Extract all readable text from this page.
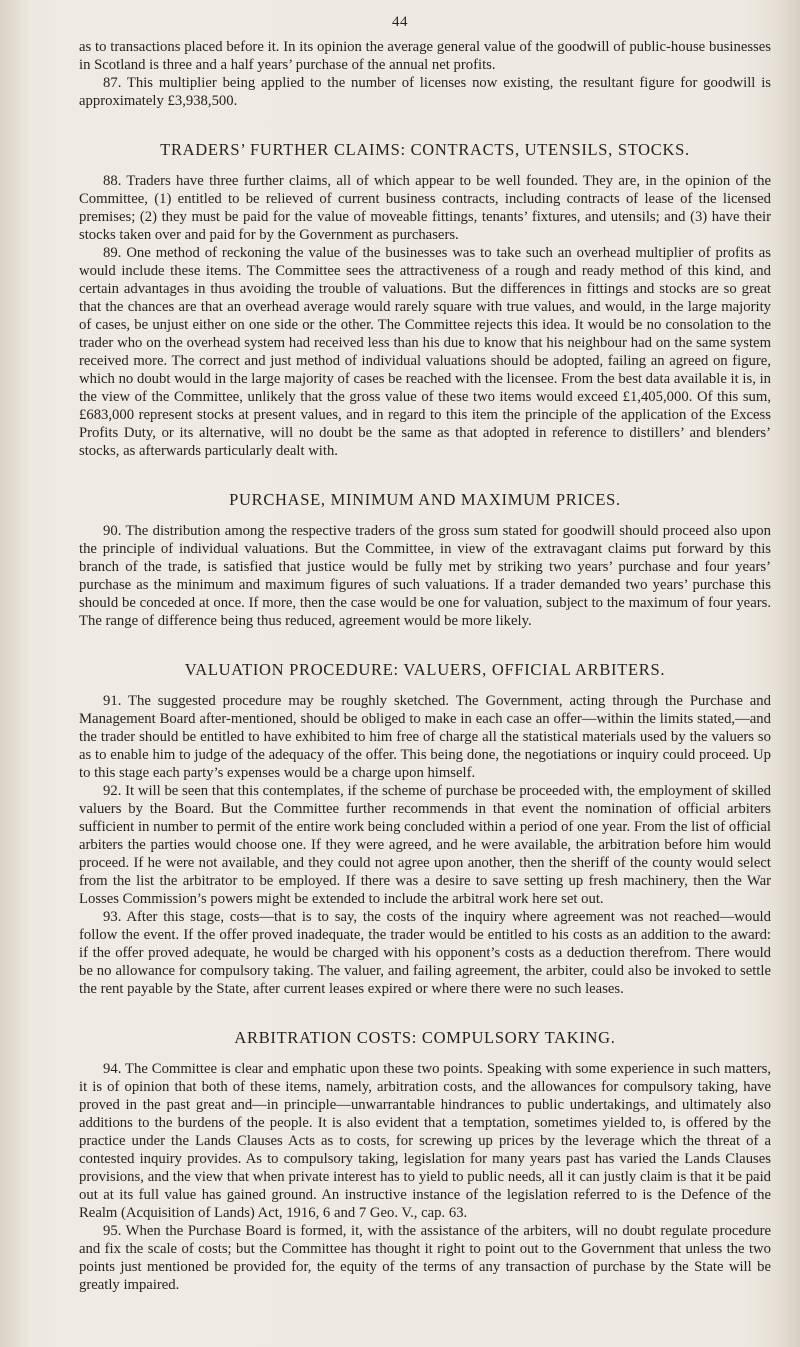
44

as to transactions placed before it. In its opinion the average general value of the goodwill of public-house businesses in Scotland is three and a half years’ purchase of the annual net profits.

87. This multiplier being applied to the number of licenses now existing, the resultant figure for goodwill is approximately £3,938,500.

TRADERS’ FURTHER CLAIMS: CONTRACTS, UTENSILS, STOCKS.

88. Traders have three further claims, all of which appear to be well founded. They are, in the opinion of the Committee, (1) entitled to be relieved of current business contracts, including contracts of lease of the licensed premises; (2) they must be paid for the value of moveable fittings, tenants’ fixtures, and utensils; and (3) have their stocks taken over and paid for by the Government as purchasers.

89. One method of reckoning the value of the businesses was to take such an overhead multiplier of profits as would include these items. The Committee sees the attractiveness of a rough and ready method of this kind, and certain advantages in thus avoiding the trouble of valuations. But the differences in fittings and stocks are so great that the chances are that an overhead average would rarely square with true values, and would, in the large majority of cases, be unjust either on one side or the other. The Committee rejects this idea. It would be no consolation to the trader who on the overhead system had received less than his due to know that his neighbour had on the same system received more. The correct and just method of individual valuations should be adopted, failing an agreed on figure, which no doubt would in the large majority of cases be reached with the licensee. From the best data available it is, in the view of the Committee, unlikely that the gross value of these two items would exceed £1,405,000. Of this sum, £683,000 represent stocks at present values, and in regard to this item the principle of the application of the Excess Profits Duty, or its alternative, will no doubt be the same as that adopted in reference to distillers’ and blenders’ stocks, as afterwards particularly dealt with.

PURCHASE, MINIMUM AND MAXIMUM PRICES.

90. The distribution among the respective traders of the gross sum stated for goodwill should proceed also upon the principle of individual valuations. But the Committee, in view of the extravagant claims put forward by this branch of the trade, is satisfied that justice would be fully met by striking two years’ purchase and four years’ purchase as the minimum and maximum figures of such valuations. If a trader demanded two years’ purchase this should be conceded at once. If more, then the case would be one for valuation, subject to the maximum of four years. The range of difference being thus reduced, agreement would be more likely.

VALUATION PROCEDURE: VALUERS, OFFICIAL ARBITERS.

91. The suggested procedure may be roughly sketched. The Government, acting through the Purchase and Management Board after-mentioned, should be obliged to make in each case an offer—within the limits stated,—and the trader should be entitled to have exhibited to him free of charge all the statistical materials used by the valuers so as to enable him to judge of the adequacy of the offer. This being done, the negotiations or inquiry could proceed. Up to this stage each party’s expenses would be a charge upon himself.

92. It will be seen that this contemplates, if the scheme of purchase be proceeded with, the employment of skilled valuers by the Board. But the Committee further recommends in that event the nomination of official arbiters sufficient in number to permit of the entire work being concluded within a period of one year. From the list of official arbiters the parties would choose one. If they were agreed, and he were available, the arbitration before him would proceed. If he were not available, and they could not agree upon another, then the sheriff of the county would select from the list the arbitrator to be employed. If there was a desire to save setting up fresh machinery, then the War Losses Commission’s powers might be extended to include the arbitral work here set out.

93. After this stage, costs—that is to say, the costs of the inquiry where agreement was not reached—would follow the event. If the offer proved inadequate, the trader would be entitled to his costs as an addition to the award: if the offer proved adequate, he would be charged with his opponent’s costs as a deduction therefrom. There would be no allowance for compulsory taking. The valuer, and failing agreement, the arbiter, could also be invoked to settle the rent payable by the State, after current leases expired or where there were no such leases.

ARBITRATION COSTS: COMPULSORY TAKING.

94. The Committee is clear and emphatic upon these two points. Speaking with some experience in such matters, it is of opinion that both of these items, namely, arbitration costs, and the allowances for compulsory taking, have proved in the past great and—in principle—unwarrantable hindrances to public undertakings, and ultimately also additions to the burdens of the people. It is also evident that a temptation, sometimes yielded to, is offered by the practice under the Lands Clauses Acts as to costs, for screwing up prices by the leverage which the threat of a contested inquiry provides. As to compulsory taking, legislation for many years past has varied the Lands Clauses provisions, and the view that when private interest has to yield to public needs, all it can justly claim is that it be paid out at its full value has gained ground. An instructive instance of the legislation referred to is the Defence of the Realm (Acquisition of Lands) Act, 1916, 6 and 7 Geo. V., cap. 63.

95. When the Purchase Board is formed, it, with the assistance of the arbiters, will no doubt regulate procedure and fix the scale of costs; but the Committee has thought it right to point out to the Government that unless the two points just mentioned be provided for, the equity of the terms of any transaction of purchase by the State will be greatly impaired.
